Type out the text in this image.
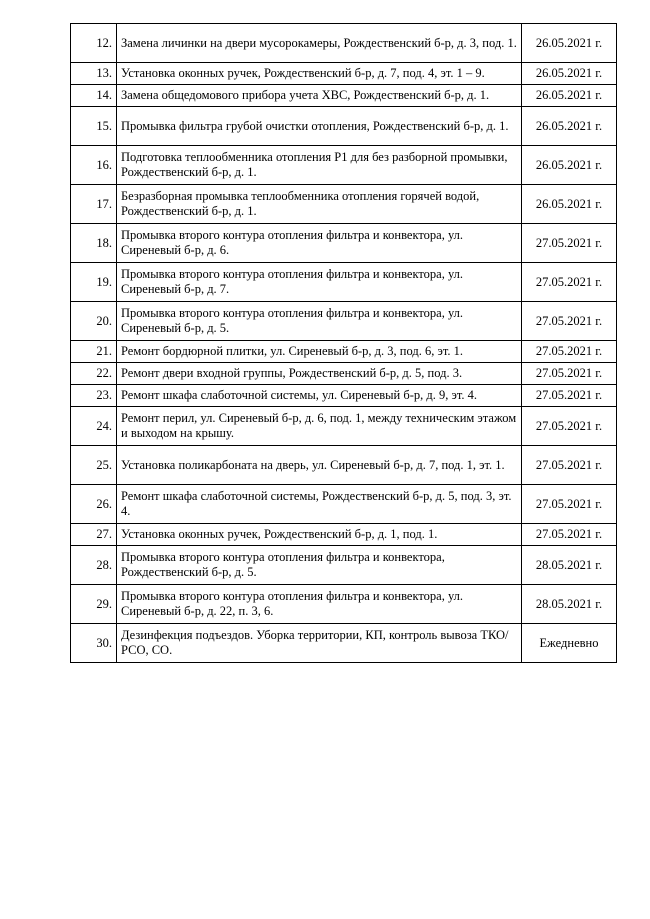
12.	Замена личинки на двери мусорокамеры, Рождественский б-р, д. 3, под. 1.	26.05.2021 г.
13.	Установка оконных ручек, Рождественский б-р, д. 7, под. 4, эт. 1 – 9.	26.05.2021 г.
14.	Замена общедомового прибора учета ХВС, Рождественский б-р, д. 1.	26.05.2021 г.
15.	Промывка фильтра грубой очистки отопления, Рождественский б-р, д. 1.	26.05.2021 г.
16.	Подготовка теплообменника отопления Р1 для без разборной промывки, Рождественский б-р, д. 1.	26.05.2021 г.
17.	Безразборная промывка теплообменника отопления горячей водой, Рождественский б-р, д. 1.	26.05.2021 г.
18.	Промывка второго контура отопления фильтра и конвектора, ул. Сиреневый б-р, д. 6.	27.05.2021 г.
19.	Промывка второго контура отопления фильтра и конвектора, ул. Сиреневый б-р, д. 7.	27.05.2021 г.
20.	Промывка второго контура отопления фильтра и конвектора, ул. Сиреневый б-р, д. 5.	27.05.2021 г.
21.	Ремонт бордюрной плитки, ул. Сиреневый б-р, д. 3, под. 6, эт. 1.	27.05.2021 г.
22.	Ремонт двери входной группы, Рождественский б-р, д. 5, под. 3.	27.05.2021 г.
23.	Ремонт шкафа слаботочной системы, ул. Сиреневый б-р, д. 9, эт. 4.	27.05.2021 г.
24.	Ремонт перил, ул. Сиреневый б-р, д. 6, под. 1, между техническим этажом и выходом на крышу.	27.05.2021 г.
25.	Установка поликарбоната на дверь, ул. Сиреневый б-р, д. 7, под. 1, эт. 1.	27.05.2021 г.
26.	Ремонт шкафа слаботочной системы, Рождественский б-р, д. 5, под. 3, эт. 4.	27.05.2021 г.
27.	Установка оконных ручек, Рождественский б-р, д. 1, под. 1.	27.05.2021 г.
28.	Промывка второго контура отопления фильтра и конвектора, Рождественский б-р, д. 5.	28.05.2021 г.
29.	Промывка второго контура отопления фильтра и конвектора, ул. Сиреневый б-р, д. 22, п. 3, 6.	28.05.2021 г.
30.	Дезинфекция подъездов. Уборка территории, КП, контроль вывоза ТКО/РСО, СО.	Ежедневно
